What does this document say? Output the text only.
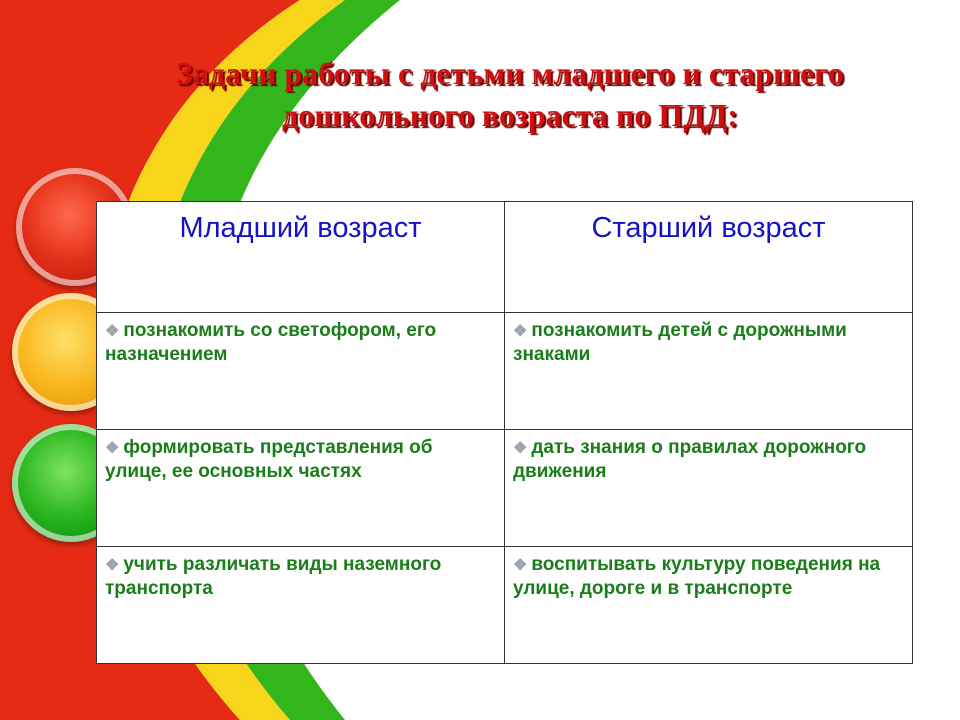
Задачи работы с детьми младшего и старшего
дошкольного возраста по ПДД:
Младший возраст	Старший возраст
❖ познакомить со светофором, его назначением	❖ познакомить детей с дорожными знаками
❖ формировать представления об улице, ее основных частях	❖ дать знания о правилах дорожного движения
❖ учить различать виды наземного транспорта	❖ воспитывать культуру поведения на улице, дороге и в транспорте
